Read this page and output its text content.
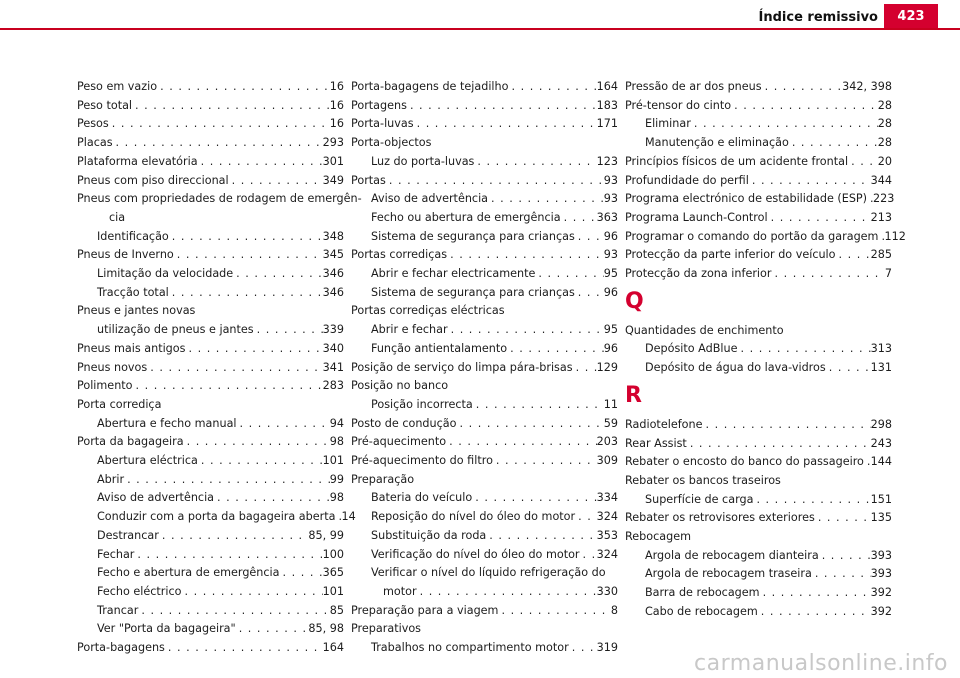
Índice remissivo	423
Peso em vazio . . .	16
Peso total . . .	16
Pesos . . .	16
Placas . . .	293
Plataforma elevatória . . .	301
Pneus com piso direccional . . .	349
Pneus com propriedades de rodagem de emergên-
cia
Identificação . . .	348
Pneus de Inverno . . .	345
Limitação da velocidade . . .	346
Tracção total . . .	346
Pneus e jantes novas
utilização de pneus e jantes . . .	339
Pneus mais antigos . . .	340
Pneus novos . . .	341
Polimento . . .	283
Porta corrediça
Abertura e fecho manual . . .	94
Porta da bagageira . . .	98
Abertura eléctrica . . .	101
Abrir . . .	99
Aviso de advertência . . .	98
Conduzir com a porta da bagageira aberta . . . 14
Destrancar . . .	85, 99
Fechar . . .	100
Fecho e abertura de emergência . . .	365
Fecho eléctrico . . .	101
Trancar . . .	85
Ver "Porta da bagageira" . . .	85, 98
Porta-bagagens . . .	164
Porta-bagagens de tejadilho . . .	164
Portagens . . .	183
Porta-luvas . . .	171
Porta-objectos
Luz do porta-luvas . . .	123
Portas . . .	93
Aviso de advertência . . .	93
Fecho ou abertura de emergência . . .	363
Sistema de segurança para crianças . . .	96
Portas corrediças . . .	93
Abrir e fechar electricamente . . .	95
Sistema de segurança para crianças . . .	96
Portas corrediças eléctricas
Abrir e fechar . . .	95
Função antientalamento . . .	96
Posição de serviço do limpa pára-brisas . . . 129
Posição no banco
Posição incorrecta . . .	11
Posto de condução . . .	59
Pré-aquecimento . . .	203
Pré-aquecimento do filtro . . .	309
Preparação
Bateria do veículo . . .	334
Reposição do nível do óleo do motor . . . 324
Substituição da roda . . .	353
Verificação do nível do óleo do motor . . . 324
Verificar o nível do líquido refrigeração do
motor . . .	330
Preparação para a viagem . . .	8
Preparativos
Trabalhos no compartimento motor . . . 319
Pressão de ar dos pneus . . .	342, 398
Pré-tensor do cinto . . .	28
Eliminar . . .	28
Manutenção e eliminação . . .	28
Princípios físicos de um acidente frontal . . .	20
Profundidade do perfil . . .	344
Programa electrónico de estabilidade (ESP) . . . 223
Programa Launch-Control . . .	213
Programar o comando do portão da garagem . . . 112
Protecção da parte inferior do veículo . . .	285
Protecção da zona inferior . . .	7
Q
Quantidades de enchimento
Depósito AdBlue . . .	313
Depósito de água do lava-vidros . . .	131
R
Radiotelefone . . .	298
Rear Assist . . .	243
Rebater o encosto do banco do passageiro . . . 144
Rebater os bancos traseiros
Superfície de carga . . .	151
Rebater os retrovisores exteriores . . .	135
Rebocagem
Argola de rebocagem dianteira . . .	393
Argola de rebocagem traseira . . .	393
Barra de rebocagem . . .	392
Cabo de rebocagem . . .	392
carmanualsonline.info
